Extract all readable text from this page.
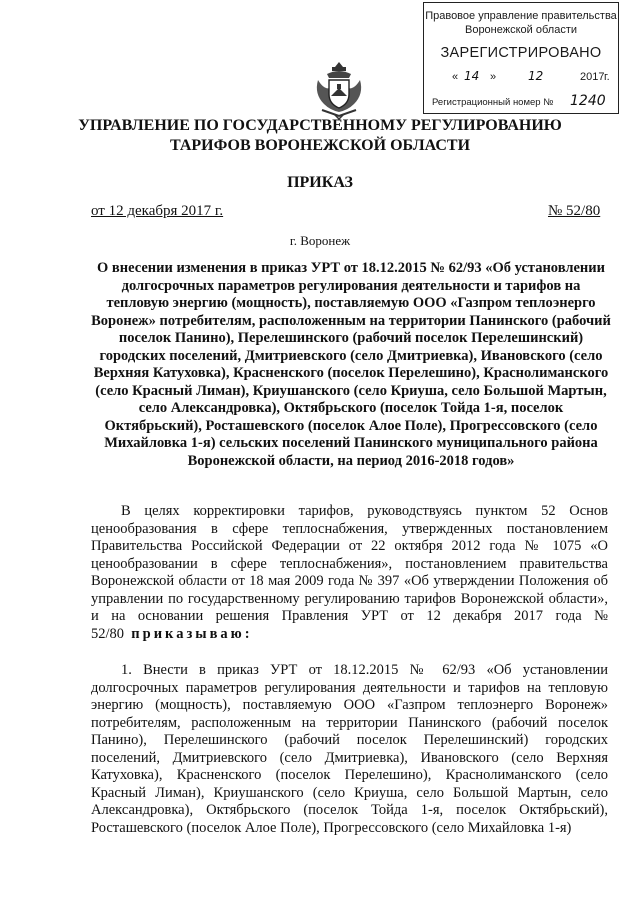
Правовое управление правительства
Воронежской области
ЗАРЕГИСТРИРОВАНО
« 14 »	12	2017 г.
Регистрационный номер № 1240
УПРАВЛЕНИЕ ПО ГОСУДАРСТВЕННОМУ РЕГУЛИРОВАНИЮ
ТАРИФОВ ВОРОНЕЖСКОЙ ОБЛАСТИ
ПРИКАЗ
от 12 декабря 2017 г.	№ 52/80
г. Воронеж

О внесении изменения в приказ УРТ от 18.12.2015 № 62/93 «Об установлении долгосрочных параметров регулирования деятельности и тарифов на тепловую энергию (мощность), поставляемую ООО «Газпром теплоэнерго Воронеж» потребителям, расположенным на территории Панинского (рабочий поселок Панино), Перелешинского (рабочий поселок Перелешинский) городских поселений, Дмитриевского (село Дмитриевка), Ивановского (село Верхняя Катуховка), Красненского (поселок Перелешино), Краснолиманского (село Красный Лиман), Криушанского (село Криуша, село Большой Мартын, село Александровка), Октябрьского (поселок Тойда 1-я, поселок Октябрьский), Росташевского (поселок Алое Поле), Прогрессовского (село Михайловка 1-я) сельских поселений Панинского муниципального района Воронежской области, на период 2016-2018 годов»

В целях корректировки тарифов, руководствуясь пунктом 52 Основ ценообразования в сфере теплоснабжения, утвержденных постановлением Правительства Российской Федерации от 22 октября 2012 года № 1075 «О ценообразовании в сфере теплоснабжения», постановлением правительства Воронежской области от 18 мая 2009 года № 397 «Об утверждении Положения об управлении по государственному регулированию тарифов Воронежской области», и на основании решения Правления УРТ от 12 декабря 2017 года № 52/80 приказываю:

1. Внести в приказ УРТ от 18.12.2015 № 62/93 «Об установлении долгосрочных параметров регулирования деятельности и тарифов на тепловую энергию (мощность), поставляемую ООО «Газпром теплоэнерго Воронеж» потребителям, расположенным на территории Панинского (рабочий поселок Панино), Перелешинского (рабочий поселок Перелешинский) городских поселений, Дмитриевского (село Дмитриевка), Ивановского (село Верхняя Катуховка), Красненского (поселок Перелешино), Краснолиманского (село Красный Лиман), Криушанского (село Криуша, село Большой Мартын, село Александровка), Октябрьского (поселок Тойда 1-я, поселок Октябрьский), Росташевского (поселок Алое Поле), Прогрессовского (село Михайловка 1-я)
